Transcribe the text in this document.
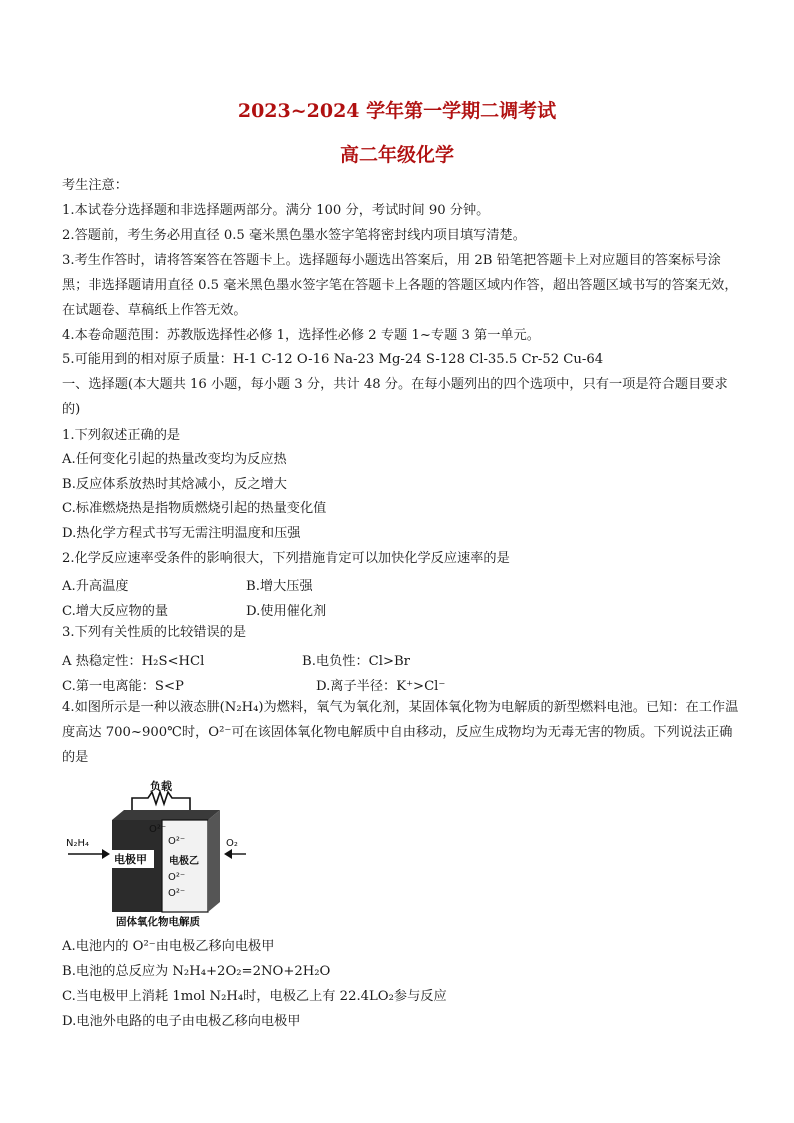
2023~2024 学年第一学期二调考试
高二年级化学
考生注意：
1.本试卷分选择题和非选择题两部分。满分 100 分，考试时间 90 分钟。
2.答题前，考生务必用直径 0.5 毫米黑色墨水签字笔将密封线内项目填写清楚。
3.考生作答时，请将答案答在答题卡上。选择题每小题选出答案后，用 2B 铅笔把答题卡上对应题目的答案标号涂黑；非选择题请用直径 0.5 毫米黑色墨水签字笔在答题卡上各题的答题区域内作答，超出答题区域书写的答案无效，在试题卷、草稿纸上作答无效。
4.本卷命题范围：苏教版选择性必修 1，选择性必修 2 专题 1~专题 3 第一单元。
5.可能用到的相对原子质量：H-1 C-12 O-16 Na-23 Mg-24 S-128 Cl-35.5 Cr-52 Cu-64
一、选择题(本大题共 16 小题，每小题 3 分，共计 48 分。在每小题列出的四个选项中，只有一项是符合题目要求的)
1.下列叙述正确的是
A.任何变化引起的热量改变均为反应热
B.反应体系放热时其焓减小，反之增大
C.标准燃烧热是指物质燃烧引起的热量变化值
D.热化学方程式书写无需注明温度和压强
2.化学反应速率受条件的影响很大，下列措施肯定可以加快化学反应速率的是
A.升高温度	B.增大压强
C.增大反应物的量	D.使用催化剂
3.下列有关性质的比较错误的是
A 热稳定性：H₂S<HCl	B.电负性：Cl>Br
C.第一电离能：S<P	D.离子半径：K⁺>Cl⁻
4.如图所示是一种以液态肼(N₂H₄)为燃料，氧气为氧化剂，某固体氧化物为电解质的新型燃料电池。已知：在工作温度高达 700~900℃时，O²⁻可在该固体氧化物电解质中自由移动，反应生成物均为无毒无害的物质。下列说法正确的是
负载
电极甲 电极乙
O²⁻
O²⁻
O²⁻
O²⁻
N₂H₄	O₂
固体氧化物电解质
A.电池内的 O²⁻由电极乙移向电极甲
B.电池的总反应为 N₂H₄+2O₂=2NO+2H₂O
C.当电极甲上消耗 1mol N₂H₄时，电极乙上有 22.4LO₂参与反应
D.电池外电路的电子由电极乙移向电极甲
